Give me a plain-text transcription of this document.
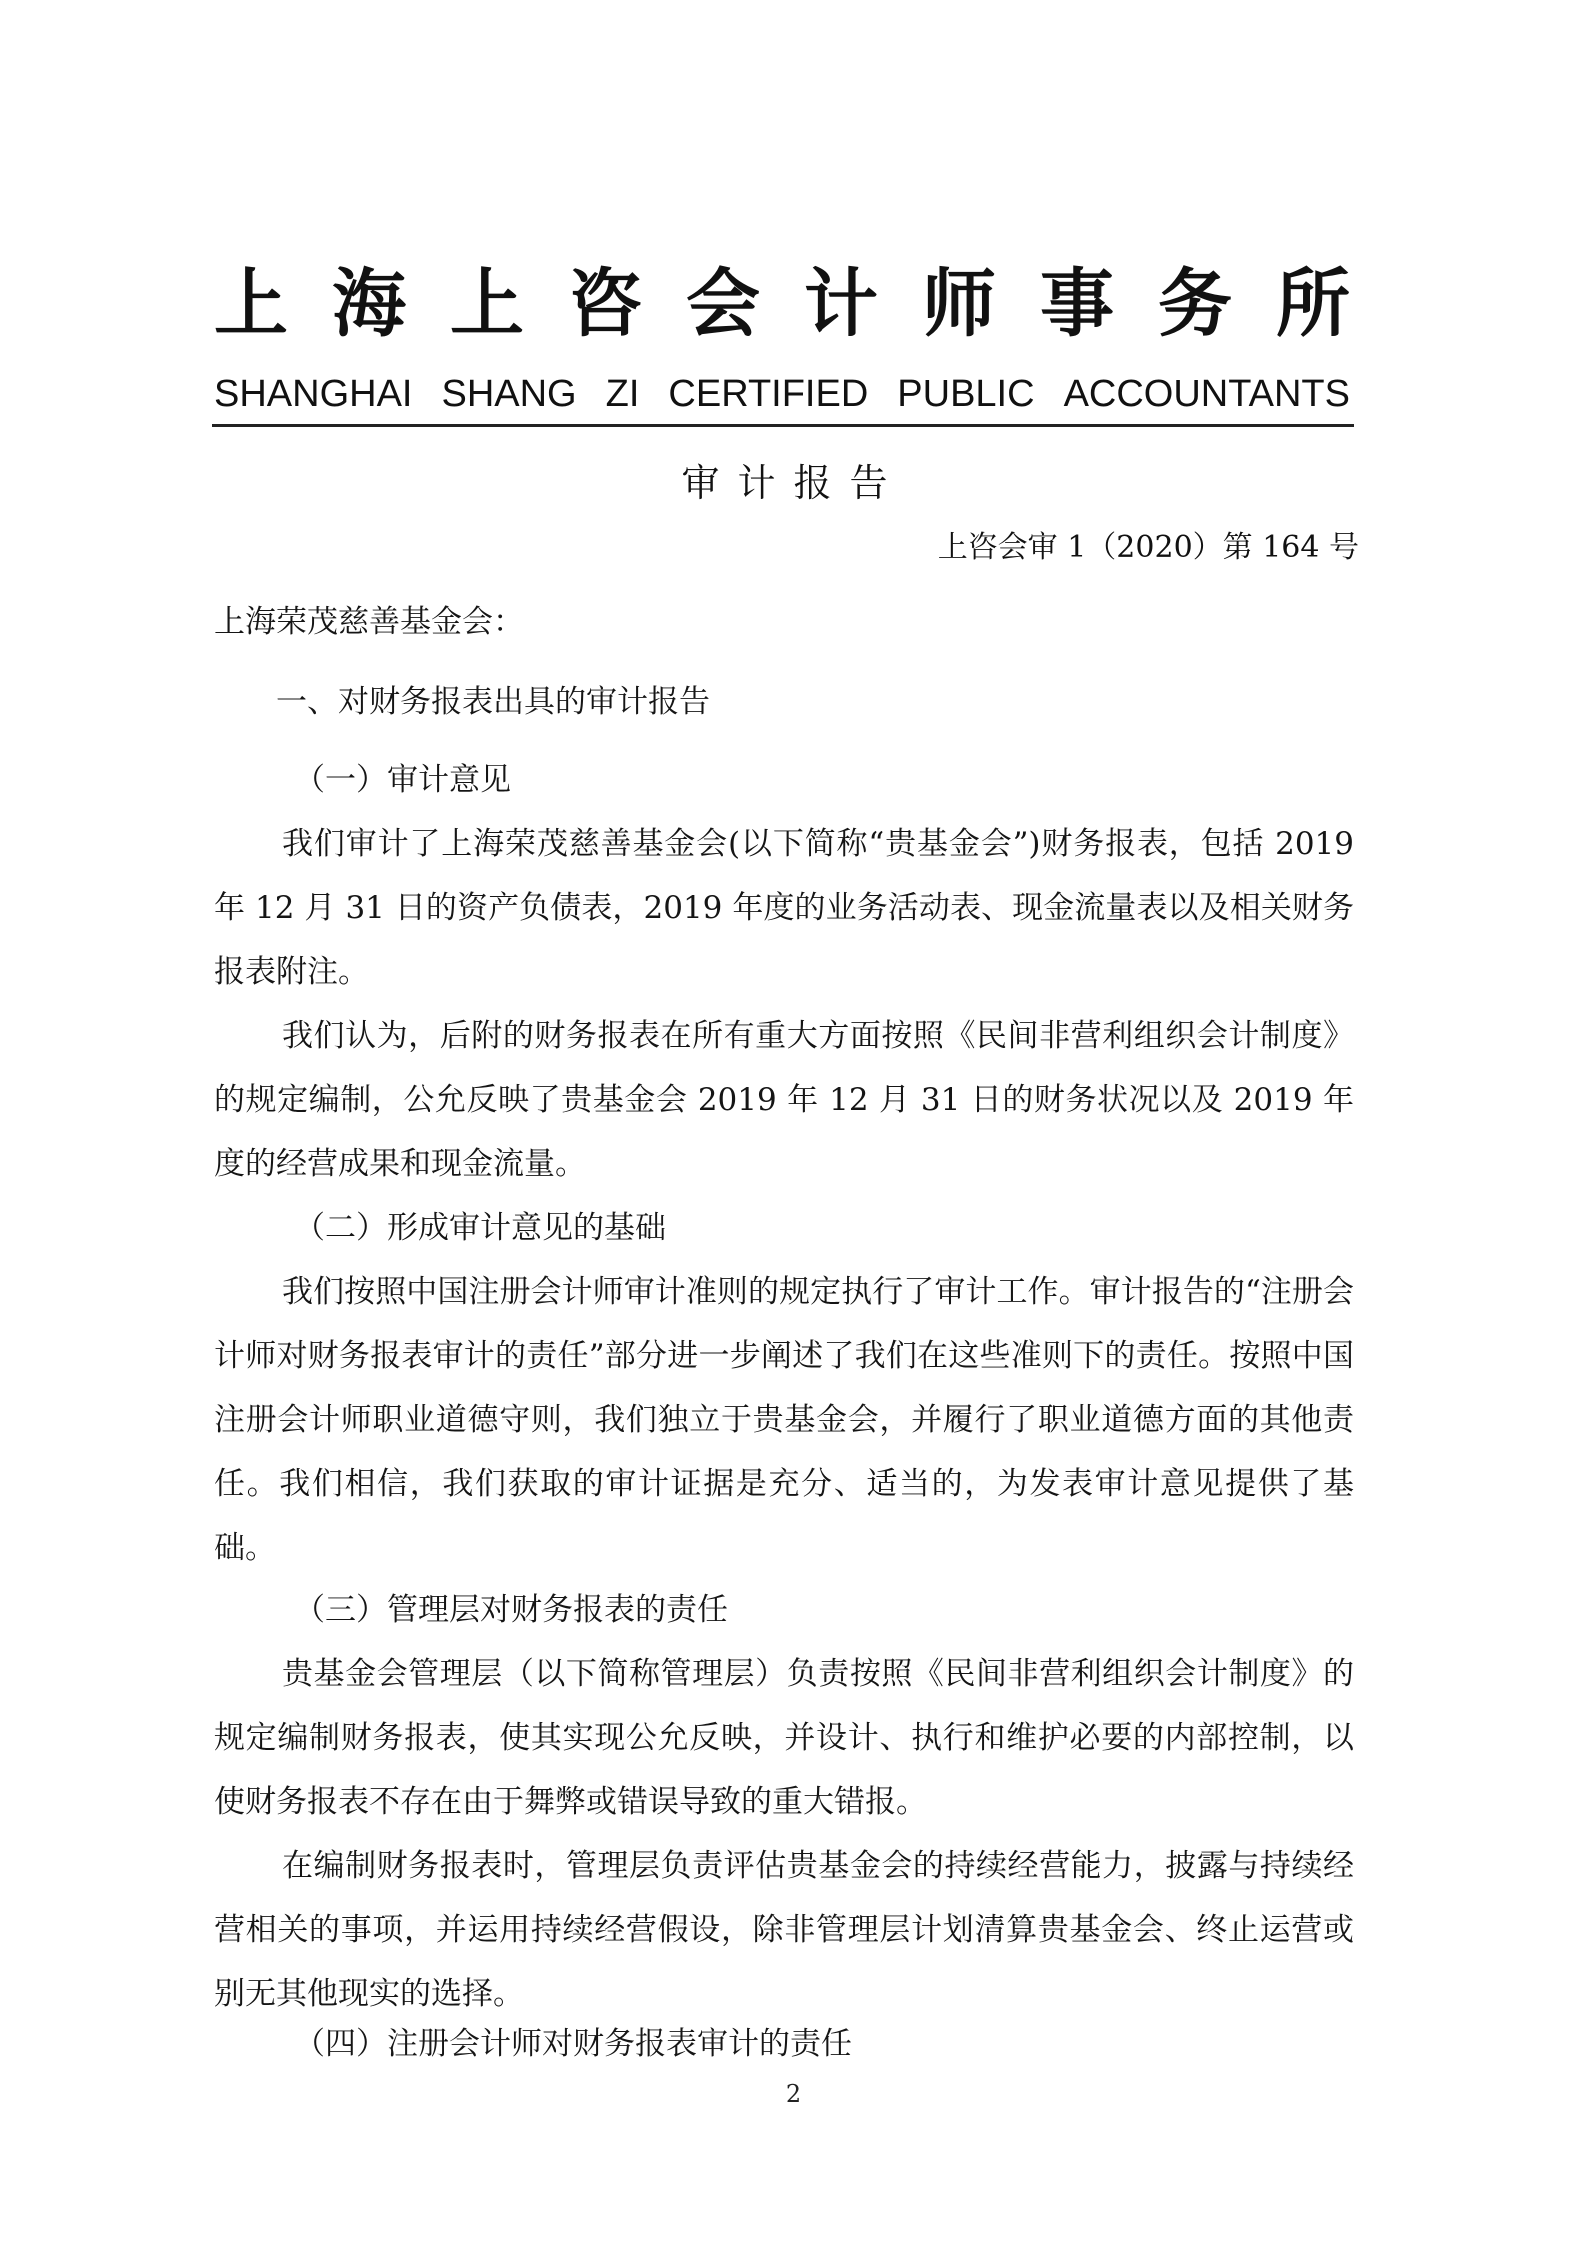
上 海 上 咨 会 计 师 事 务 所
SHANGHAI SHANG ZI CERTIFIED PUBLIC ACCOUNTANTS
审计报告
上咨会审 1（2020）第 164 号
上海荣茂慈善基金会：
一、对财务报表出具的审计报告
（一）审计意见

我们审计了上海荣茂慈善基金会(以下简称“贵基金会”)财务报表，包括 2019 年 12 月 31 日的资产负债表，2019 年度的业务活动表、现金流量表以及相关财务报表附注。

我们认为，后附的财务报表在所有重大方面按照《民间非营利组织会计制度》的规定编制，公允反映了贵基金会 2019 年 12 月 31 日的财务状况以及 2019 年度的经营成果和现金流量。

（二）形成审计意见的基础

我们按照中国注册会计师审计准则的规定执行了审计工作。审计报告的“注册会计师对财务报表审计的责任”部分进一步阐述了我们在这些准则下的责任。按照中国注册会计师职业道德守则，我们独立于贵基金会，并履行了职业道德方面的其他责任。我们相信，我们获取的审计证据是充分、适当的，为发表审计意见提供了基础。

（三）管理层对财务报表的责任

贵基金会管理层（以下简称管理层）负责按照《民间非营利组织会计制度》的规定编制财务报表，使其实现公允反映，并设计、执行和维护必要的内部控制，以使财务报表不存在由于舞弊或错误导致的重大错报。

在编制财务报表时，管理层负责评估贵基金会的持续经营能力，披露与持续经营相关的事项，并运用持续经营假设，除非管理层计划清算贵基金会、终止运营或别无其他现实的选择。

（四）注册会计师对财务报表审计的责任
2
